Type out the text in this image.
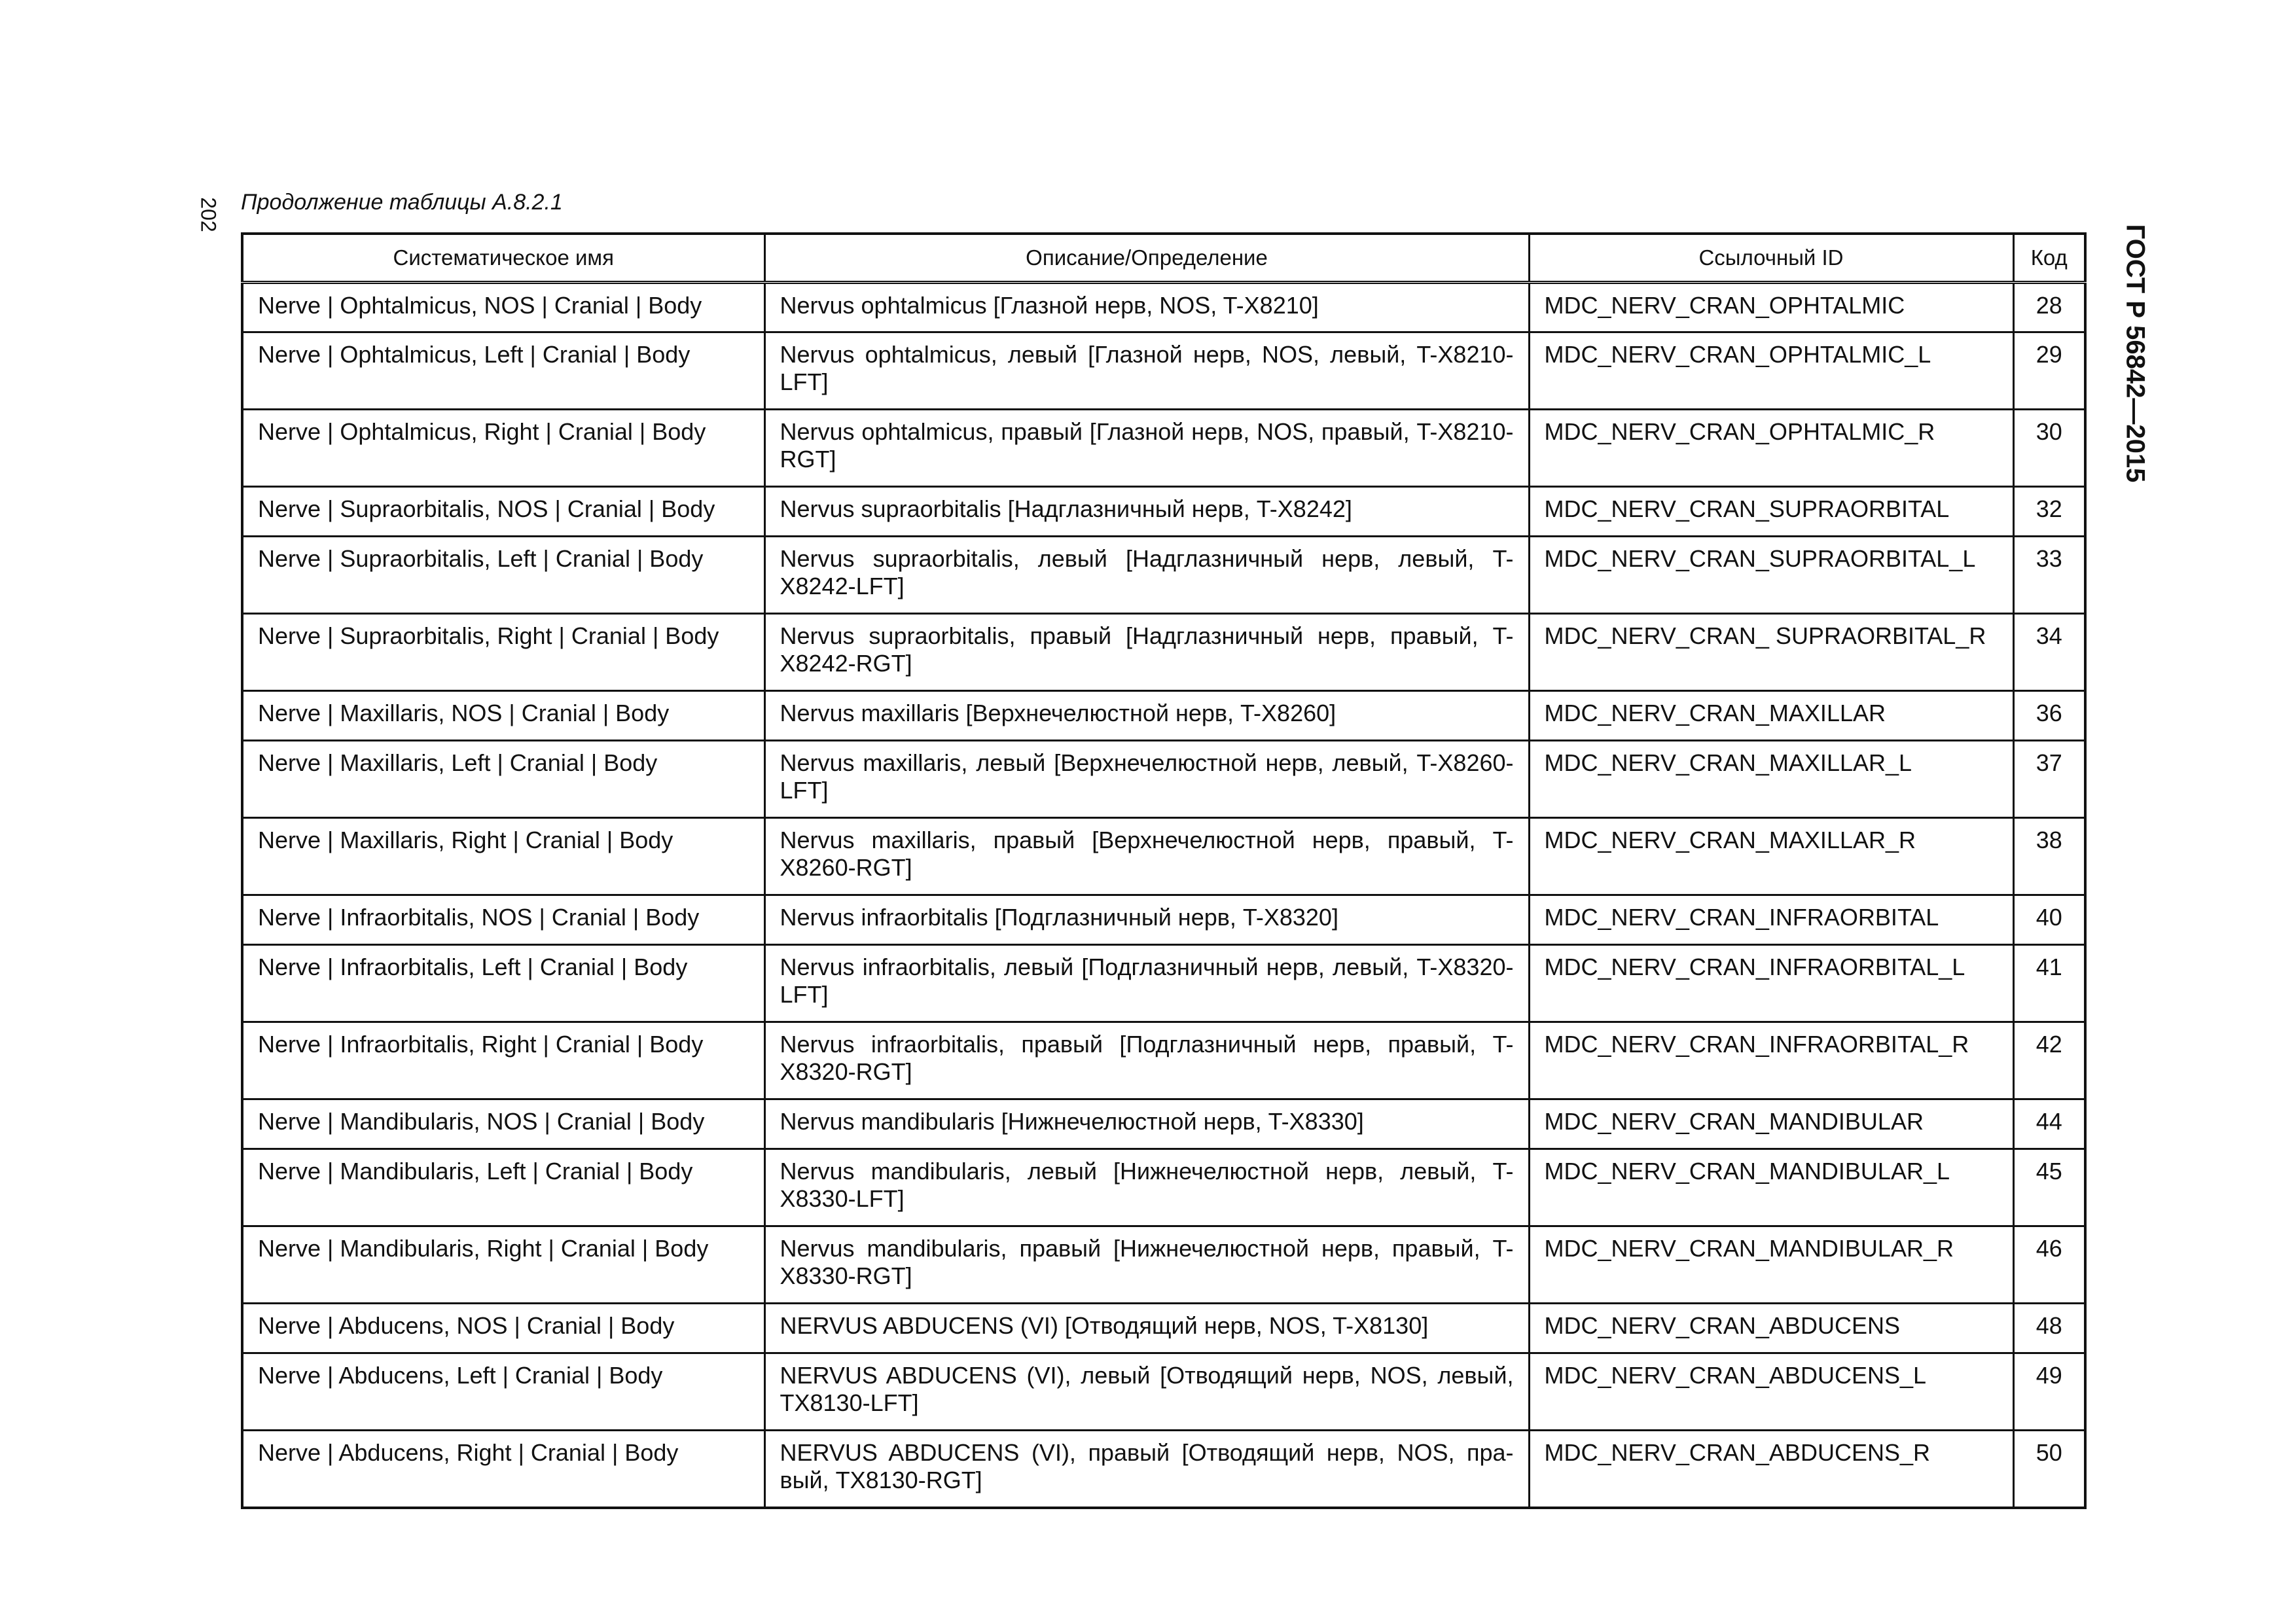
202
ГОСТ Р 56842—2015
Продолжение таблицы А.8.2.1
Систематическое имя	Описание/Определение	Ссылочный ID	Код
Nerve | Ophtalmicus, NOS | Cranial | Body	Nervus ophtalmicus [Глазной нерв, NOS, T-X8210]	MDC_NERV_CRAN_OPHTALMIC	28
Nerve | Ophtalmicus, Left | Cranial | Body	Nervus ophtalmicus, левый [Глазной нерв, NOS, левый, T-X8210-LFT]	MDC_NERV_CRAN_OPHTALMIC_L	29
Nerve | Ophtalmicus, Right | Cranial | Body	Nervus ophtalmicus, правый [Глазной нерв, NOS, правый, T-X8210-RGT]	MDC_NERV_CRAN_OPHTALMIC_R	30
Nerve | Supraorbitalis, NOS | Cranial | Body	Nervus supraorbitalis [Надглазничный нерв, T-X8242]	MDC_NERV_CRAN_SUPRAORBITAL	32
Nerve | Supraorbitalis, Left | Cranial | Body	Nervus supraorbitalis, левый [Надглазничный нерв, левый, T-X8242-LFT]	MDC_NERV_CRAN_SUPRAORBITAL_L	33
Nerve | Supraorbitalis, Right | Cranial | Body	Nervus supraorbitalis, правый [Надглазничный нерв, правый, T-X8242-RGT]	MDC_NERV_CRAN_ SUPRAORBITAL_R	34
Nerve | Maxillaris, NOS | Cranial | Body	Nervus maxillaris [Верхнечелюстной нерв, T-X8260]	MDC_NERV_CRAN_MAXILLAR	36
Nerve | Maxillaris, Left | Cranial | Body	Nervus maxillaris, левый [Верхнечелюстной нерв, левый, T-X8260-LFT]	MDC_NERV_CRAN_MAXILLAR_L	37
Nerve | Maxillaris, Right | Cranial | Body	Nervus maxillaris, правый [Верхнечелюстной нерв, правый, T-X8260-RGT]	MDC_NERV_CRAN_MAXILLAR_R	38
Nerve | Infraorbitalis, NOS | Cranial | Body	Nervus infraorbitalis [Подглазничный нерв, T-X8320]	MDC_NERV_CRAN_INFRAORBITAL	40
Nerve | Infraorbitalis, Left | Cranial | Body	Nervus infraorbitalis, левый [Подглазничный нерв, левый, T-X8320-LFT]	MDC_NERV_CRAN_INFRAORBITAL_L	41
Nerve | Infraorbitalis, Right | Cranial | Body	Nervus infraorbitalis, правый [Подглазничный нерв, правый, T-X8320-RGT]	MDC_NERV_CRAN_INFRAORBITAL_R	42
Nerve | Mandibularis, NOS | Cranial | Body	Nervus mandibularis [Нижнечелюстной нерв, T-X8330]	MDC_NERV_CRAN_MANDIBULAR	44
Nerve | Mandibularis, Left | Cranial | Body	Nervus mandibularis, левый [Нижнечелюстной нерв, левый, T-X8330-LFT]	MDC_NERV_CRAN_MANDIBULAR_L	45
Nerve | Mandibularis, Right | Cranial | Body	Nervus mandibularis, правый [Нижнечелюстной нерв, правый, T-X8330-RGT]	MDC_NERV_CRAN_MANDIBULAR_R	46
Nerve | Abducens, NOS | Cranial | Body	NERVUS ABDUCENS (VI) [Отводящий нерв, NOS, T-X8130]	MDC_NERV_CRAN_ABDUCENS	48
Nerve | Abducens, Left | Cranial | Body	NERVUS ABDUCENS (VI), левый [Отводящий нерв, NOS, левый, TX8130-LFT]	MDC_NERV_CRAN_ABDUCENS_L	49
Nerve | Abducens, Right | Cranial | Body	NERVUS ABDUCENS (VI), правый [Отводящий нерв, NOS, правый, TX8130-RGT]	MDC_NERV_CRAN_ABDUCENS_R	50
